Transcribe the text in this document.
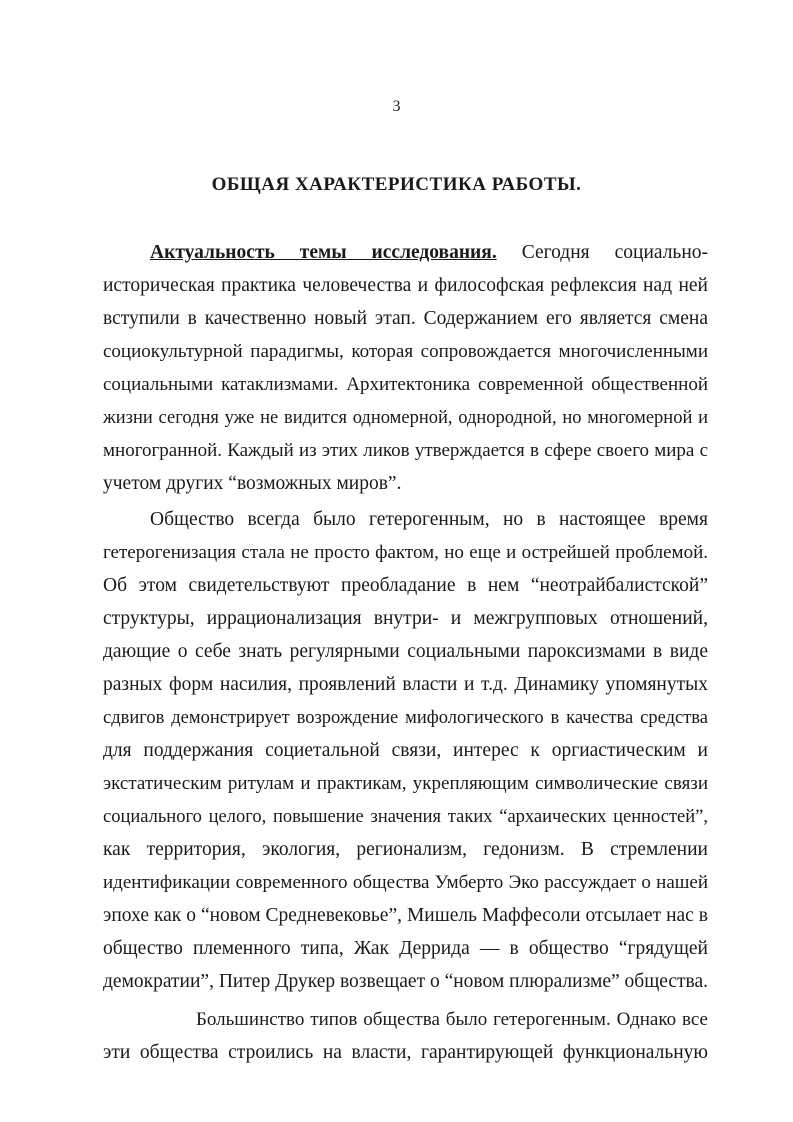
3
ОБЩАЯ ХАРАКТЕРИСТИКА РАБОТЫ.
Актуальность темы исследования. Сегодня социально-
историческая практика человечества и философская рефлексия над ней
вступили в качественно новый этап. Содержанием его является смена
социокультурной парадигмы, которая сопровождается многочисленными
социальными катаклизмами. Архитектоника современной общественной
жизни сегодня уже не видится одномерной, однородной, но многомерной и
многогранной. Каждый из этих ликов утверждается в сфере своего мира с
учетом других “возможных миров”.
Общество всегда было гетерогенным, но в настоящее время
гетерогенизация стала не просто фактом, но еще и острейшей проблемой.
Об этом свидетельствуют преобладание в нем “неотрайбалистской”
структуры, иррационализация внутри- и межгрупповых отношений,
дающие о себе знать регулярными социальными пароксизмами в виде
разных форм насилия, проявлений власти и т.д. Динамику упомянутых
сдвигов демонстрирует возрождение мифологического в качества средства
для поддержания социетальной связи, интерес к оргиастическим и
экстатическим ритулам и практикам, укрепляющим символические связи
социального целого, повышение значения таких “архаических ценностей”,
как территория, экология, регионализм, гедонизм. В стремлении
идентификации современного общества Умберто Эко рассуждает о нашей
эпохе как о “новом Средневековье”, Мишель Маффесоли отсылает нас в
общество племенного типа, Жак Деррида — в общество “грядущей
демократии”, Питер Друкер возвещает о “новом плюрализме” общества.
Большинство типов общества было гетерогенным. Однако все
эти общества строились на власти, гарантирующей функциональную
